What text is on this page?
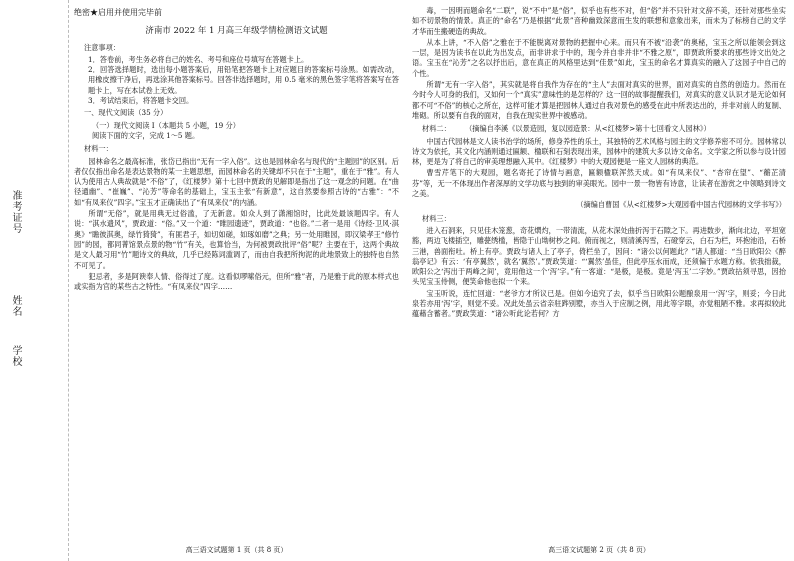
准考证号
姓名
学校
绝密★启用并使用完毕前
济南市 2022 年 1 月高三年级学情检测语文试题
注意事项：
1．答卷前，考生务必将自己的姓名、考号和座位号填写在答题卡上。
2．回答选择题时，选出每小题答案后，用铅笔把答题卡上对应题目的答案标号涂黑。如需改动，用橡皮擦干净后，再选涂其他答案标号。回答非选择题时，用 0.5 毫米的黑色签字笔将答案写在答题卡上，写在本试卷上无效。
3．考试结束后，将答题卡交回。
一、现代文阅读（35 分）
（一）现代文阅读 I（本题共 5 小题，19 分）
阅读下面的文字，完成 1～5 题。
材料一：
园林命名之最高标准，张岱已指出“无有一字入俗”。这也是园林命名与现代的“主题园”的区别。后者仅仅指出命名是表达景物的某一主题思想，而园林命名的关键却不只在于“主题”，重在于“雅”。有人认为使用古人典故就是“不俗”了，《红楼梦》第十七回中贾政的见解即是指出了这一观念的问题。在“曲径通幽”、“崔巍”、“沁芳”等命名的基础上，宝玉主张“有新意”，这自然要参照古诗的“古雅”：“不如“有凤来仪”四字。”宝玉才正确读出了“有凤来仪”的内涵。
所谓“无俗”，就是用典无过俗滥，了无新意。如众人到了潇湘馆时，比此处最该题四字。有人说：“淇水遗风”，贾政道：“俗。”又一个道：“睢园遗迹”，贾政道：“也俗。”二者一是用《诗经·卫风·淇奥》“瞻彼淇奥，绿竹猗猗”，有匪君子，如切如磋，如琢如磨”之典；另一处用睢园，即汉梁孝王“修竹园”的园，都同菁馆景点景的物“竹”有关，也算恰当，为何被贾政批评“俗”呢？主要在于，这两个典故是文人最习用“竹”题诗文的典故，几乎已经陈词滥调了，而由自我把所拘泥的此地景致上的独特也自然不可见了。
犯忌者，多是阿谀奉人情、俗得过了度。这看似啰嗦俗元，但所“雅”者，乃是雅于此的原本样式也或实指为官的某些古之特性。“有凤来仪”四字……
毒，一因明而题命名“二联”，说“不中”是“俗”，似乎也有些不对，但“俗”并不只针对文辞不美，还针对那些坐实如不切景物的情景。真正的“命名”乃是根据“此景”音种幽致深意而生发的联想和意象出来，而未为了标榜自己的文学才华而生搬硬造的典故。
从本上讲，“不入俗”之雅在于不能脱离对景物的把握中心来。而只有不被“沿袭”的奥秘，宝玉之所以能领会到这一层，是因为读书在以此为出发点，而非讲求于中的，现今并自非并非“不雅之原”，即贾政所要求的那些诗文出处之语。宝玉在“沁芳”之名以抒出后，意在真正的风格里达到“佳景”如此，宝玉的命名才算真实的融入了这园子中自己的个性。
所谓“无有一字入俗”，其实就是将自我作为存在的“主人”去面对真实的世界，面对真实的自然的创造力。然而在今时今人可身的我们，又如何一个“真实”意味性的是怎样的？这一回的故事提醒我们，对真实的意义认识才是无论如何都不可“不俗”的核心之所在，这样可能才算是把园林人通过自我对景色的感受在此中所表达出的，并非对前人的复制、堆砌。所以要有自我的面对，自我在现实世界中被感动。
材料二： （摘编自李溪《以景造园，复以园造景：从<红楼梦>第十七回看文人园林》）
中国古代园林是文人读书治学的场所，修身养性的乐土，其独特的艺术风格与园主的文学修养密不可分。园林常以诗文为依托，其文化内涵则通过匾额、楹联和石刻表现出来，园林中的建筑大多以诗文命名。文学家之所以参与设计园林，更是为了将自己的审美理想融入其中。《红楼梦》中的大观园便是一座文人园林的典范。
曹雪芹笔下的大观园，题名寄托了诗情与画意，匾额楹联浑然天成。如“有凤来仪”、“杏帘在望”、“蘅芷清芬”等，无一不体现出作者深厚的文学功底与独到的审美眼光。园中一景一物皆有诗意，让读者在游赏之中领略到诗文之美。
（摘编自曹国《从<红楼梦>大观园看中国古代园林的文学书写》）
材料三：
进入石洞来，只见佳木笼葱，奇花熌灼，一带清流，从花木深处曲折泻于石隙之下。再进数步，渐向北边，平坦宽豁，两边飞楼插空，雕甍绣槛，皆隐于山坳树杪之间。俯而视之，则清溪泻雪，石磴穿云，白石为栏，环抱池沿，石桥三港，兽面衔吐。桥上有亭。贾政与诸人上了亭子，倚栏坐了，因问：“诸公以何题此？”诸人都道：“当日欧阳公《醉翁亭记》有云：‘有亭翼然’，就名‘翼然’。”贾政笑道：“‘翼然’虽佳，但此亭压水而成，还须偏于水题方称。依我拙裁，欧阳公之‘泻出于两峰之间’，竟用他这一个‘泻’字。”有一客道：“是极，是极。竟是‘泻玉’二字妙。”贾政拈须寻思，因抬头见宝玉侍侧，便笑命他也拟一个来。
宝玉听说，连忙回道：“老爷方才所议已是。但如今追究了去，似乎当日欧阳公题酿泉用一‘泻’字，则妥；今日此泉若亦用‘泻’字，则觉不妥。况此处虽云省亲驻跸别墅，亦当入于应制之例，用此等字眼，亦觉粗陋不雅。求再拟较此蕴藉含蓄者。”贾政笑道：“诸公听此论若何？方
高三语文试题第 1 页（共 8 页）	高三语文试题第 2 页（共 8 页）
